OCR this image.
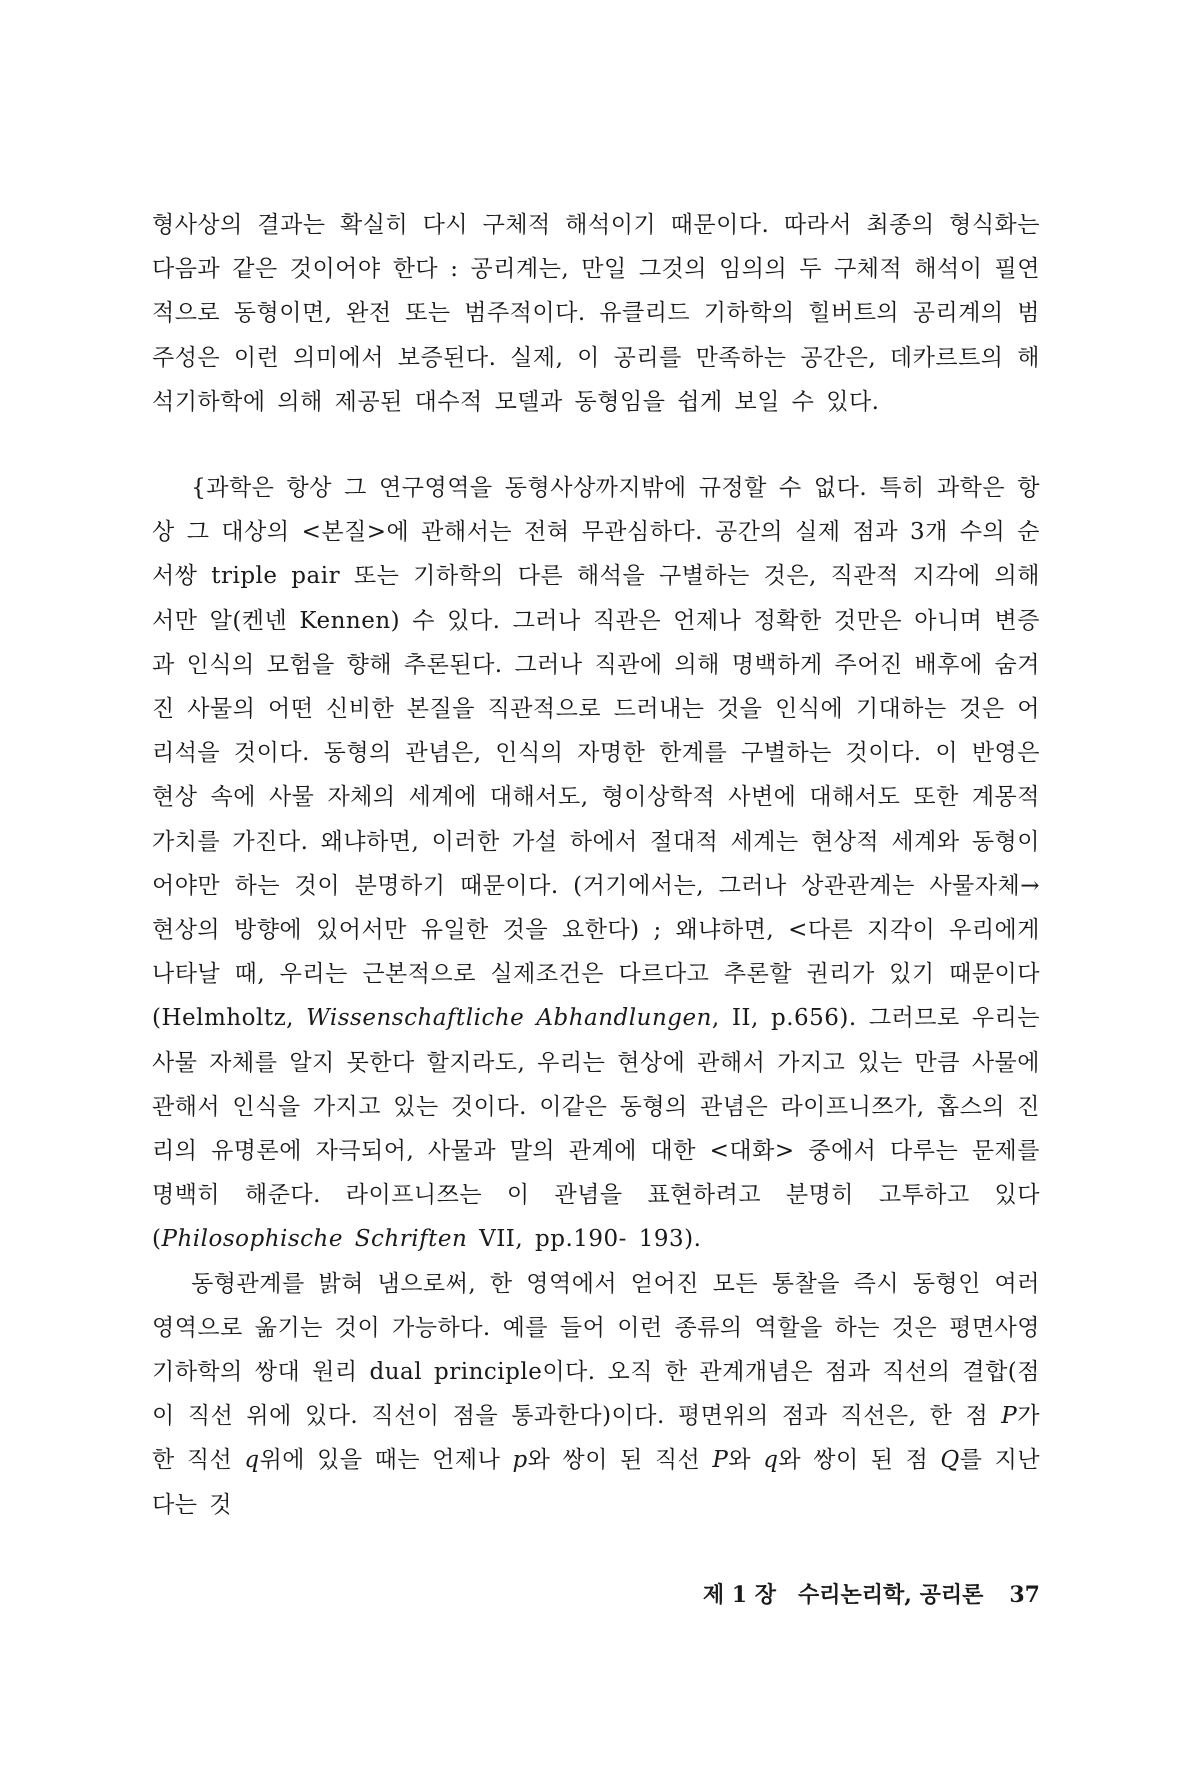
형사상의 결과는 확실히 다시 구체적 해석이기 때문이다. 따라서 최종의 형식화는 다음과 같은 것이어야 한다 : 공리계는, 만일 그것의 임의의 두 구체적 해석이 필연적으로 동형이면, 완전 또는 범주적이다. 유클리드 기하학의 힐버트의 공리계의 범주성은 이런 의미에서 보증된다. 실제, 이 공리를 만족하는 공간은, 데카르트의 해석기하학에 의해 제공된 대수적 모델과 동형임을 쉽게 보일 수 있다.

{과학은 항상 그 연구영역을 동형사상까지밖에 규정할 수 없다. 특히 과학은 항상 그 대상의 <본질>에 관해서는 전혀 무관심하다. 공간의 실제 점과 3개 수의 순서쌍 triple pair 또는 기하학의 다른 해석을 구별하는 것은, 직관적 지각에 의해서만 알(켄넨 Kennen) 수 있다. 그러나 직관은 언제나 정확한 것만은 아니며 변증과 인식의 모험을 향해 추론된다. 그러나 직관에 의해 명백하게 주어진 배후에 숨겨진 사물의 어떤 신비한 본질을 직관적으로 드러내는 것을 인식에 기대하는 것은 어리석을 것이다. 동형의 관념은, 인식의 자명한 한계를 구별하는 것이다. 이 반영은 현상 속에 사물 자체의 세계에 대해서도, 형이상학적 사변에 대해서도 또한 계몽적 가치를 가진다. 왜냐하면, 이러한 가설 하에서 절대적 세계는 현상적 세계와 동형이어야만 하는 것이 분명하기 때문이다. (거기에서는, 그러나 상관관계는 사물자체→현상의 방향에 있어서만 유일한 것을 요한다) ; 왜냐하면, <다른 지각이 우리에게 나타날 때, 우리는 근본적으로 실제조건은 다르다고 추론할 권리가 있기 때문이다(Helmholtz, Wissenschaftliche Abhandlungen, II, p.656). 그러므로 우리는 사물 자체를 알지 못한다 할지라도, 우리는 현상에 관해서 가지고 있는 만큼 사물에 관해서 인식을 가지고 있는 것이다. 이같은 동형의 관념은 라이프니쯔가, 홉스의 진리의 유명론에 자극되어, 사물과 말의 관계에 대한 <대화> 중에서 다루는 문제를 명백히 해준다. 라이프니쯔는 이 관념을 표현하려고 분명히 고투하고 있다(Philosophische Schriften VII, pp.190- 193).

동형관계를 밝혀 냄으로써, 한 영역에서 얻어진 모든 통찰을 즉시 동형인 여러 영역으로 옮기는 것이 가능하다. 예를 들어 이런 종류의 역할을 하는 것은 평면사영 기하학의 쌍대 원리 dual principle이다. 오직 한 관계개념은 점과 직선의 결합(점이 직선 위에 있다. 직선이 점을 통과한다)이다. 평면위의 점과 직선은, 한 점 P가 한 직선 q위에 있을 때는 언제나 p와 쌍이 된 직선 P와 q와 쌍이 된 점 Q를 지난다는 것

제 1 장 수리논리학, 공리론 37
